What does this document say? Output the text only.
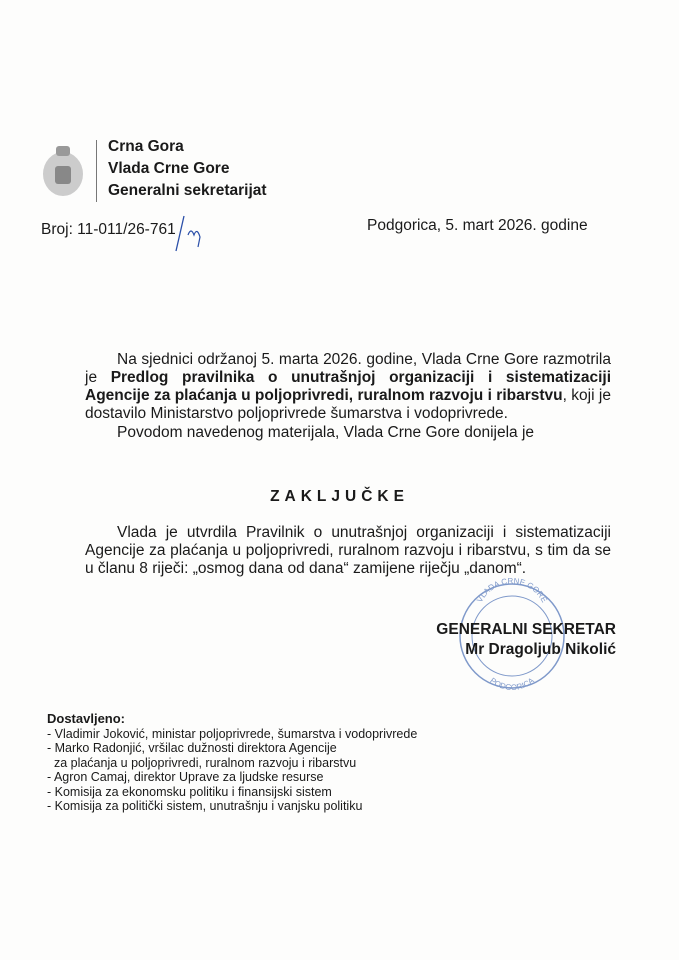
Crna Gora
Vlada Crne Gore
Generalni sekretarijat
Broj: 11-011/26-761	Podgorica, 5. mart 2026. godine
Na sjednici održanoj 5. marta 2026. godine, Vlada Crne Gore razmotrila je Predlog pravilnika o unutrašnjoj organizaciji i sistematizaciji Agencije za plaćanja u poljoprivredi, ruralnom razvoju i ribarstvu, koji je dostavilo Ministarstvo poljoprivrede šumarstva i vodoprivrede.
Povodom navedenog materijala, Vlada Crne Gore donijela je
ZAKLJUČKE
Vlada je utvrdila Pravilnik o unutrašnjoj organizaciji i sistematizaciji Agencije za plaćanja u poljoprivredi, ruralnom razvoju i ribarstvu, s tim da se u članu 8 riječi: „osmog dana od dana“ zamijene riječju „danom“.
VLADA CRNE GORE
PODGORICA
GENERALNI SEKRETAR
Mr Dragoljub Nikolić
Dostavljeno:
- Vladimir Joković, ministar poljoprivrede, šumarstva i vodoprivrede
- Marko Radonjić, vršilac dužnosti direktora Agencije
za plaćanja u poljoprivredi, ruralnom razvoju i ribarstvu
- Agron Camaj, direktor Uprave za ljudske resurse
- Komisija za ekonomsku politiku i finansijski sistem
- Komisija za politički sistem, unutrašnju i vanjsku politiku
